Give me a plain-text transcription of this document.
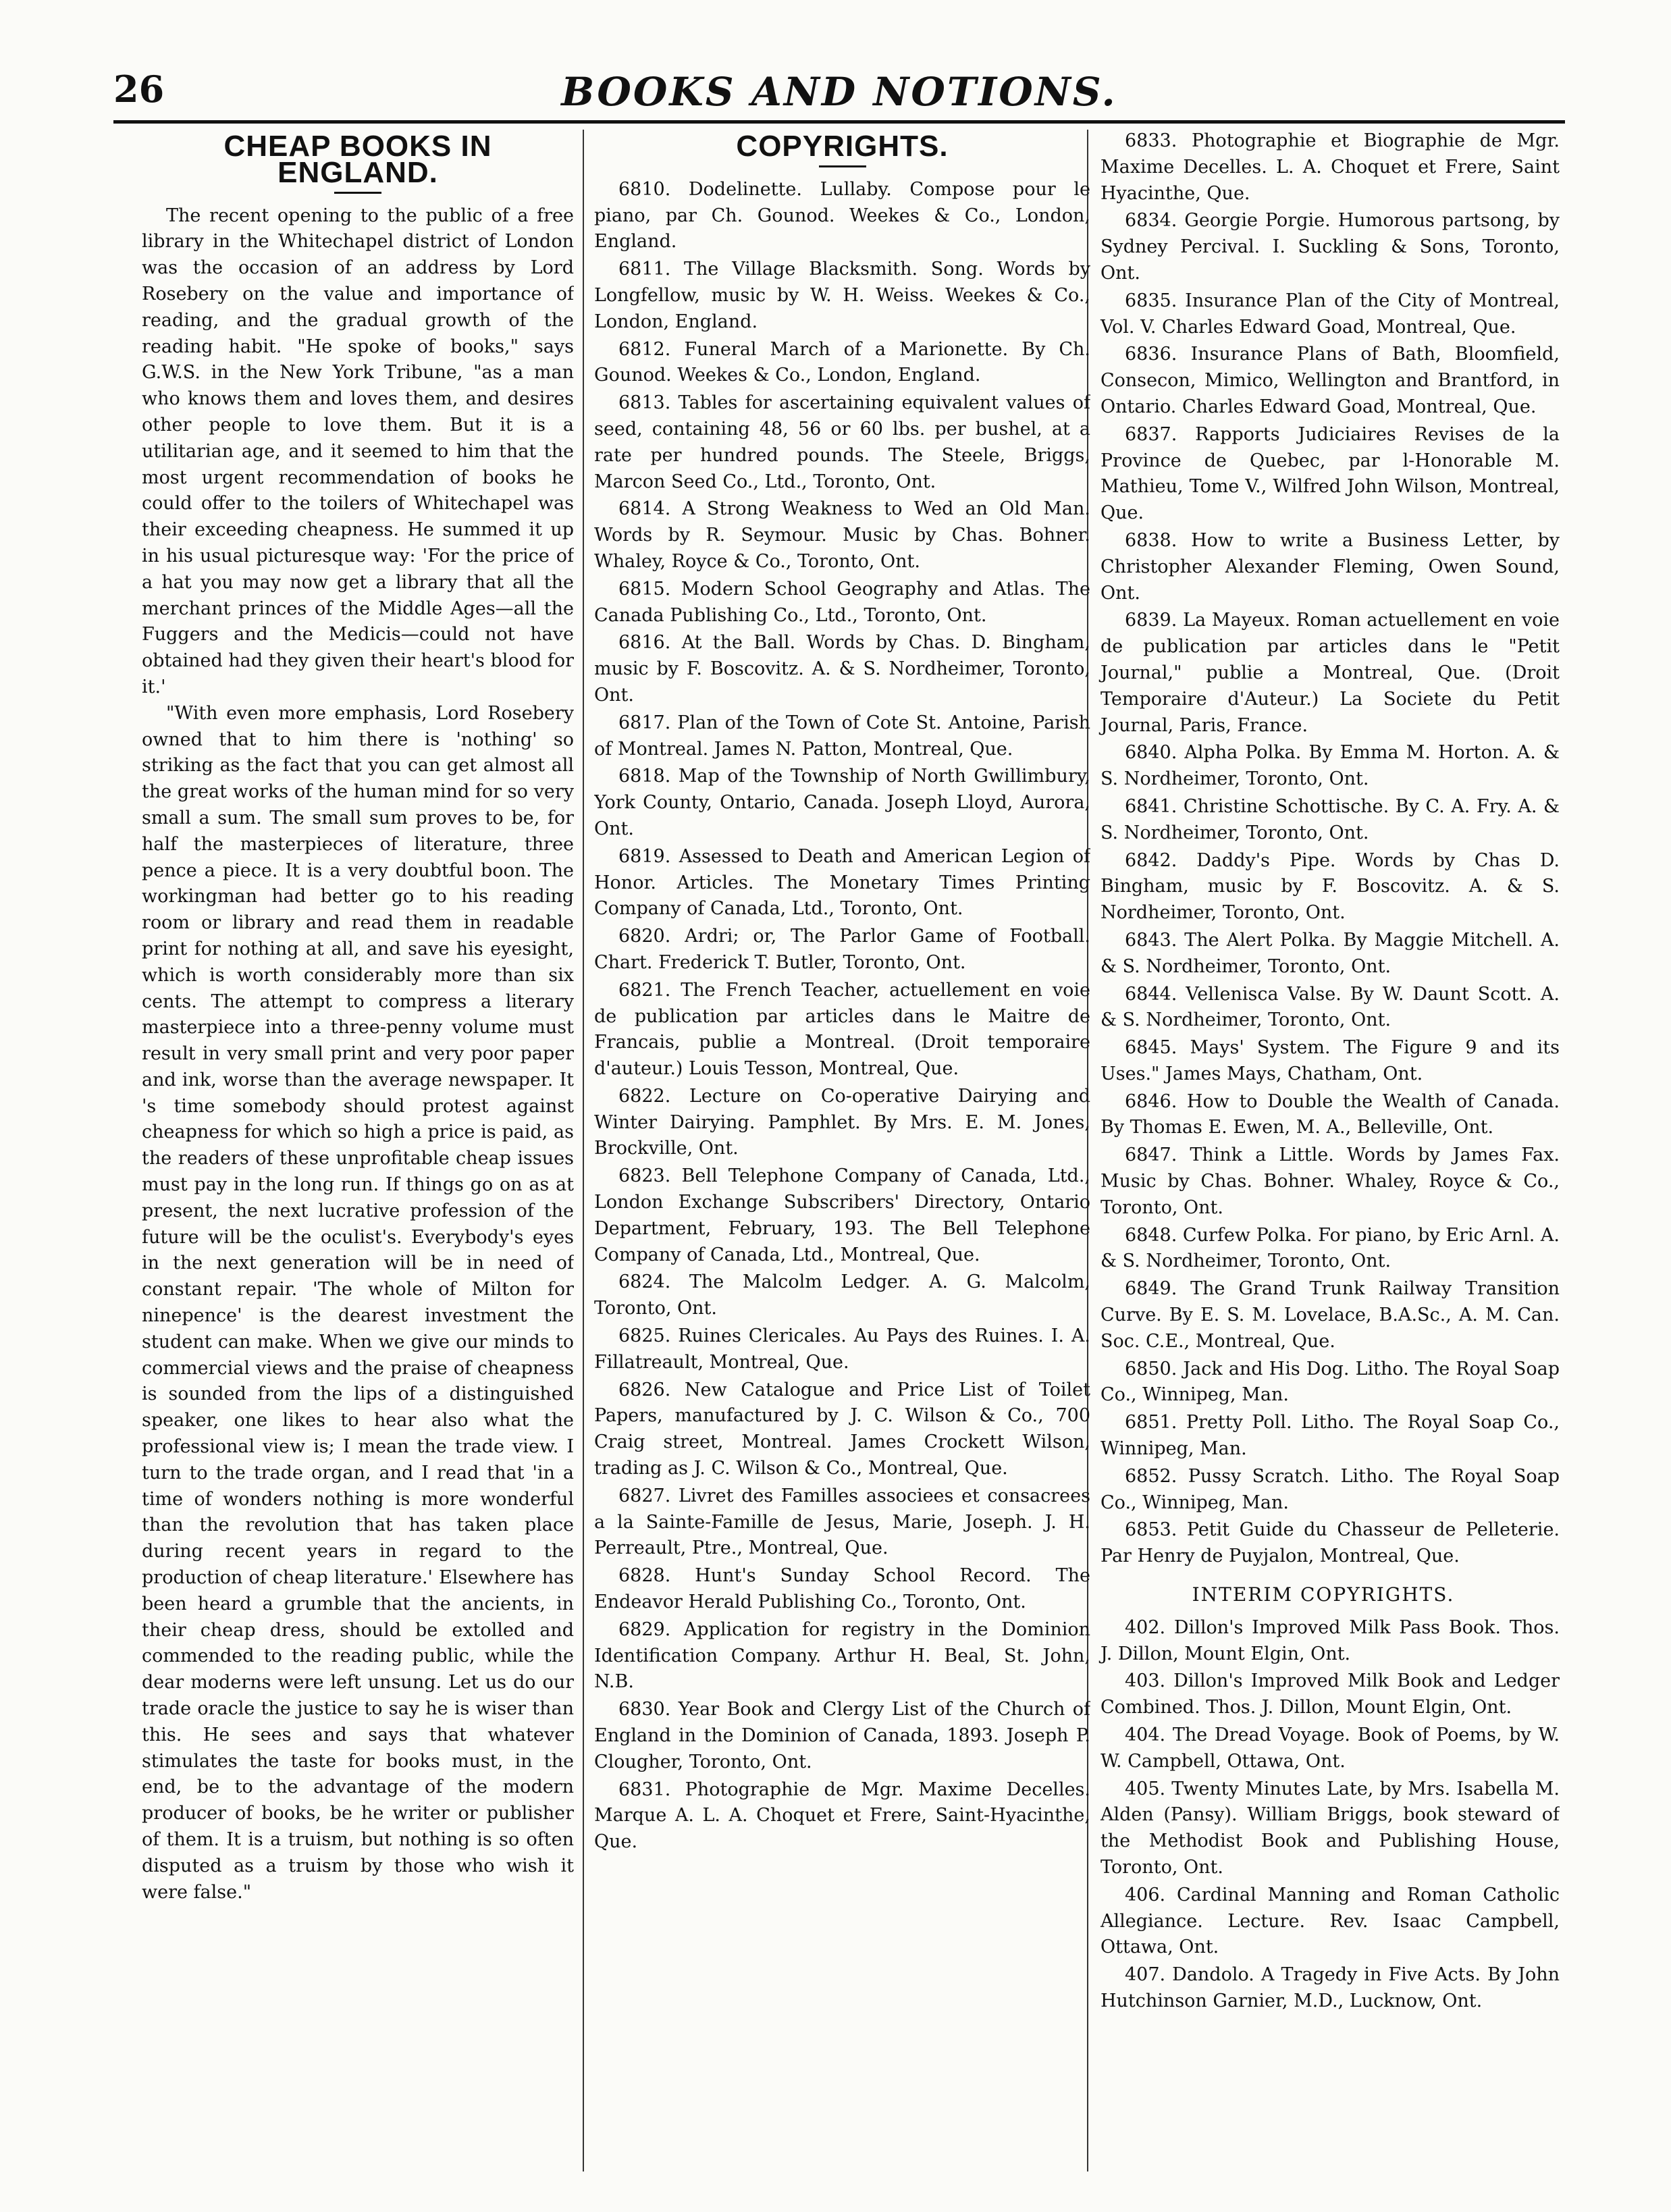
26	BOOKS AND NOTIONS.
CHEAP BOOKS IN ENGLAND.

The recent opening to the public of a free library in the Whitechapel district of London was the occasion of an address by Lord Rosebery on the value and importance of reading, and the gradual growth of the reading habit. "He spoke of books," says G.W.S. in the New York Tribune, "as a man who knows them and loves them, and desires other people to love them. But it is a utilitarian age, and it seemed to him that the most urgent recommendation of books he could offer to the toilers of Whitechapel was their exceeding cheapness. He summed it up in his usual picturesque way: 'For the price of a hat you may now get a library that all the merchant princes of the Middle Ages—all the Fuggers and the Medicis—could not have obtained had they given their heart's blood for it.'

"With even more emphasis, Lord Rosebery owned that to him there is 'nothing' so striking as the fact that you can get almost all the great works of the human mind for so very small a sum. The small sum proves to be, for half the masterpieces of literature, three pence a piece. It is a very doubtful boon. The workingman had better go to his reading room or library and read them in readable print for nothing at all, and save his eyesight, which is worth considerably more than six cents. The attempt to compress a literary masterpiece into a three-penny volume must result in very small print and very poor paper and ink, worse than the average newspaper. It 's time somebody should protest against cheapness for which so high a price is paid, as the readers of these unprofitable cheap issues must pay in the long run. If things go on as at present, the next lucrative profession of the future will be the oculist's. Everybody's eyes in the next generation will be in need of constant repair. 'The whole of Milton for ninepence' is the dearest investment the student can make. When we give our minds to commercial views and the praise of cheapness is sounded from the lips of a distinguished speaker, one likes to hear also what the professional view is; I mean the trade view. I turn to the trade organ, and I read that 'in a time of wonders nothing is more wonderful than the revolution that has taken place during recent years in regard to the production of cheap literature.' Elsewhere has been heard a grumble that the ancients, in their cheap dress, should be extolled and commended to the reading public, while the dear moderns were left unsung. Let us do our trade oracle the justice to say he is wiser than this. He sees and says that whatever stimulates the taste for books must, in the end, be to the advantage of the modern producer of books, be he writer or publisher of them. It is a truism, but nothing is so often disputed as a truism by those who wish it were false."

COPYRIGHTS.

6810. Dodelinette. Lullaby. Compose pour le piano, par Ch. Gounod. Weekes & Co., London, England.

6811. The Village Blacksmith. Song. Words by Longfellow, music by W. H. Weiss. Weekes & Co., London, England.

6812. Funeral March of a Marionette. By Ch. Gounod. Weekes & Co., London, England.

6813. Tables for ascertaining equivalent values of seed, containing 48, 56 or 60 lbs. per bushel, at a rate per hundred pounds. The Steele, Briggs, Marcon Seed Co., Ltd., Toronto, Ont.

6814. A Strong Weakness to Wed an Old Man. Words by R. Seymour. Music by Chas. Bohner. Whaley, Royce & Co., Toronto, Ont.

6815. Modern School Geography and Atlas. The Canada Publishing Co., Ltd., Toronto, Ont.

6816. At the Ball. Words by Chas. D. Bingham, music by F. Boscovitz. A. & S. Nordheimer, Toronto, Ont.

6817. Plan of the Town of Cote St. Antoine, Parish of Montreal. James N. Patton, Montreal, Que.

6818. Map of the Township of North Gwillimbury, York County, Ontario, Canada. Joseph Lloyd, Aurora, Ont.

6819. Assessed to Death and American Legion of Honor. Articles. The Monetary Times Printing Company of Canada, Ltd., Toronto, Ont.

6820. Ardri; or, The Parlor Game of Football. Chart. Frederick T. Butler, Toronto, Ont.

6821. The French Teacher, actuellement en voie de publication par articles dans le Maitre de Francais, publie a Montreal. (Droit temporaire d'auteur.) Louis Tesson, Montreal, Que.

6822. Lecture on Co-operative Dairying and Winter Dairying. Pamphlet. By Mrs. E. M. Jones, Brockville, Ont.

6823. Bell Telephone Company of Canada, Ltd., London Exchange Subscribers' Directory, Ontario Department, February, 193. The Bell Telephone Company of Canada, Ltd., Montreal, Que.

6824. The Malcolm Ledger. A. G. Malcolm, Toronto, Ont.

6825. Ruines Clericales. Au Pays des Ruines. I. A. Fillatreault, Montreal, Que.

6826. New Catalogue and Price List of Toilet Papers, manufactured by J. C. Wilson & Co., 700 Craig street, Montreal. James Crockett Wilson, trading as J. C. Wilson & Co., Montreal, Que.

6827. Livret des Familles associees et consacrees a la Sainte-Famille de Jesus, Marie, Joseph. J. H. Perreault, Ptre., Montreal, Que.

6828. Hunt's Sunday School Record. The Endeavor Herald Publishing Co., Toronto, Ont.

6829. Application for registry in the Dominion Identification Company. Arthur H. Beal, St. John, N.B.

6830. Year Book and Clergy List of the Church of England in the Dominion of Canada, 1893. Joseph P. Clougher, Toronto, Ont.

6831. Photographie de Mgr. Maxime Decelles. Marque A. L. A. Choquet et Frere, Saint-Hyacinthe, Que.

6833. Photographie et Biographie de Mgr. Maxime Decelles. L. A. Choquet et Frere, Saint Hyacinthe, Que.

6834. Georgie Porgie. Humorous partsong, by Sydney Percival. I. Suckling & Sons, Toronto, Ont.

6835. Insurance Plan of the City of Montreal, Vol. V. Charles Edward Goad, Montreal, Que.

6836. Insurance Plans of Bath, Bloomfield, Consecon, Mimico, Wellington and Brantford, in Ontario. Charles Edward Goad, Montreal, Que.

6837. Rapports Judiciaires Revises de la Province de Quebec, par l-Honorable M. Mathieu, Tome V., Wilfred John Wilson, Montreal, Que.

6838. How to write a Business Letter, by Christopher Alexander Fleming, Owen Sound, Ont.

6839. La Mayeux. Roman actuellement en voie de publication par articles dans le "Petit Journal," publie a Montreal, Que. (Droit Temporaire d'Auteur.) La Societe du Petit Journal, Paris, France.

6840. Alpha Polka. By Emma M. Horton. A. & S. Nordheimer, Toronto, Ont.

6841. Christine Schottische. By C. A. Fry. A. & S. Nordheimer, Toronto, Ont.

6842. Daddy's Pipe. Words by Chas D. Bingham, music by F. Boscovitz. A. & S. Nordheimer, Toronto, Ont.

6843. The Alert Polka. By Maggie Mitchell. A. & S. Nordheimer, Toronto, Ont.

6844. Vellenisca Valse. By W. Daunt Scott. A. & S. Nordheimer, Toronto, Ont.

6845. Mays' System. The Figure 9 and its Uses." James Mays, Chatham, Ont.

6846. How to Double the Wealth of Canada. By Thomas E. Ewen, M. A., Belleville, Ont.

6847. Think a Little. Words by James Fax. Music by Chas. Bohner. Whaley, Royce & Co., Toronto, Ont.

6848. Curfew Polka. For piano, by Eric Arnl. A. & S. Nordheimer, Toronto, Ont.

6849. The Grand Trunk Railway Transition Curve. By E. S. M. Lovelace, B.A.Sc., A. M. Can. Soc. C.E., Montreal, Que.

6850. Jack and His Dog. Litho. The Royal Soap Co., Winnipeg, Man.

6851. Pretty Poll. Litho. The Royal Soap Co., Winnipeg, Man.

6852. Pussy Scratch. Litho. The Royal Soap Co., Winnipeg, Man.

6853. Petit Guide du Chasseur de Pelleterie. Par Henry de Puyjalon, Montreal, Que.

INTERIM COPYRIGHTS.

402. Dillon's Improved Milk Pass Book. Thos. J. Dillon, Mount Elgin, Ont.

403. Dillon's Improved Milk Book and Ledger Combined. Thos. J. Dillon, Mount Elgin, Ont.

404. The Dread Voyage. Book of Poems, by W. W. Campbell, Ottawa, Ont.

405. Twenty Minutes Late, by Mrs. Isabella M. Alden (Pansy). William Briggs, book steward of the Methodist Book and Publishing House, Toronto, Ont.

406. Cardinal Manning and Roman Catholic Allegiance. Lecture. Rev. Isaac Campbell, Ottawa, Ont.

407. Dandolo. A Tragedy in Five Acts. By John Hutchinson Garnier, M.D., Lucknow, Ont.
